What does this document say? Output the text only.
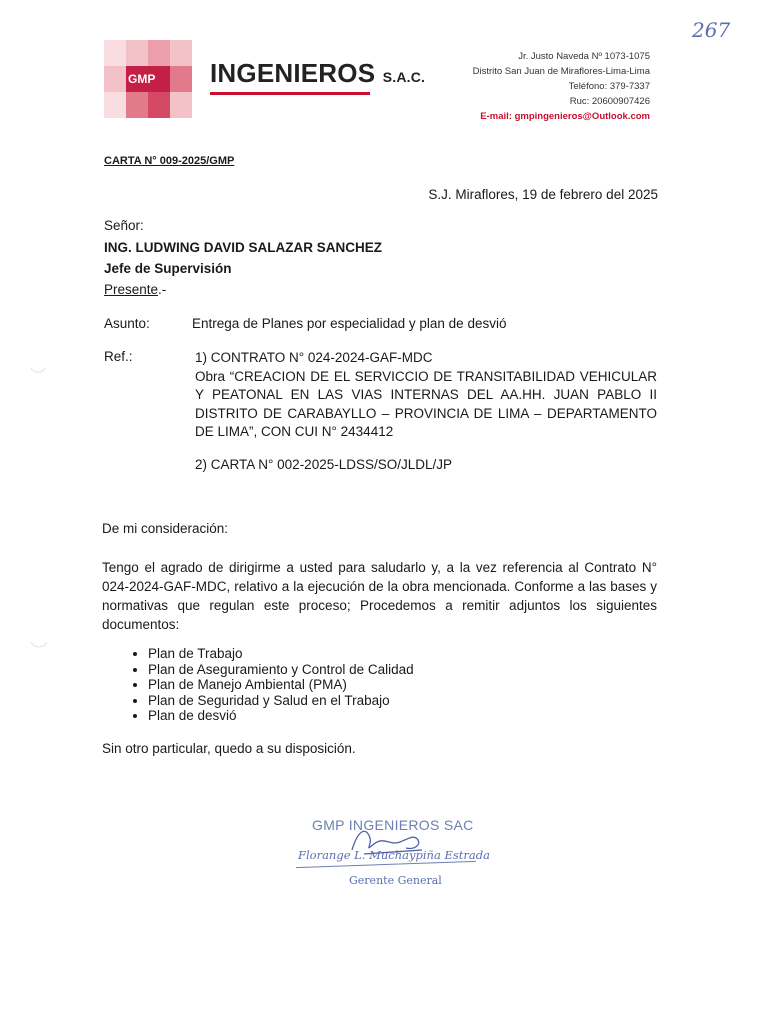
267
GMP INGENIEROS S.A.C.
Jr. Justo Naveda Nº 1073-1075
Distrito San Juan de Miraflores-Lima-Lima
Teléfono: 379-7337
Ruc: 20600907426
E-mail: gmpingenieros@Outlook.com
CARTA N° 009-2025/GMP
S.J. Miraflores, 19 de febrero del 2025
Señor:
ING. LUDWING DAVID SALAZAR SANCHEZ
Jefe de Supervisión
Presente.-
Asunto:	Entrega de Planes por especialidad y plan de desvió
Ref.:	1) CONTRATO N° 024-2024-GAF-MDC
Obra “CREACION DE EL SERVICCIO DE TRANSITABILIDAD VEHICULAR Y PEATONAL EN LAS VIAS INTERNAS DEL AA.HH. JUAN PABLO II DISTRITO DE CARABAYLLO – PROVINCIA DE LIMA – DEPARTAMENTO DE LIMA”, CON CUI N° 2434412
2) CARTA N° 002-2025-LDSS/SO/JLDL/JP
De mi consideración:
Tengo el agrado de dirigirme a usted para saludarlo y, a la vez referencia al Contrato N° 024-2024-GAF-MDC, relativo a la ejecución de la obra mencionada. Conforme a las bases y normativas que regulan este proceso; Procedemos a remitir adjuntos los siguientes documentos:
• Plan de Trabajo
• Plan de Aseguramiento y Control de Calidad
• Plan de Manejo Ambiental (PMA)
• Plan de Seguridad y Salud en el Trabajo
• Plan de desvió
Sin otro particular, quedo a su disposición.
GMP INGENIEROS SAC
Florange L. Muchaypiña Estrada
Gerente General
